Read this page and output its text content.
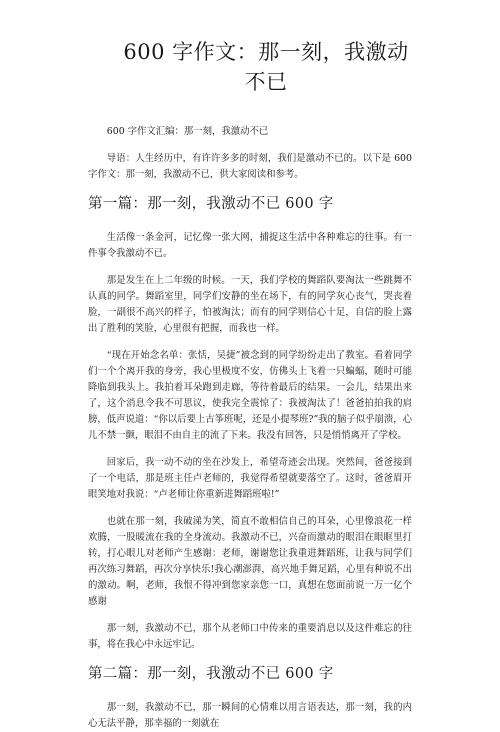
600 字作文：那一刻，我激动不已

600 字作文汇编：那一刻，我激动不已

导语：人生经历中，有许许多多的时刻，我们是激动不已的。以下是 600 字作文：那一刻，我激动不已，供大家阅读和参考。

第一篇：那一刻，我激动不已 600 字

生活像一条金河，记忆像一张大网，捕捉这生活中各种难忘的往事。有一件事令我激动不已。

那是发生在上二年级的时候。一天，我们学校的舞蹈队要淘汰一些跳舞不认真的同学。舞蹈室里，同学们安静的坐在场下，有的同学灰心丧气，哭丧着脸，一副很不高兴的样子，怕被淘汰；而有的同学则信心十足，自信的脸上露出了胜利的笑脸，心里很有把握，而我也一样。

“现在开始念名单：张恬，吴捷”被念到的同学纷纷走出了教室。看着同学们一个个离开我的身旁，我心里极度不安，仿佛头上飞着一只蝙蝠，随时可能降临到我头上。我拍着耳朵跑到走廊，等待着最后的结果。一会儿，结果出来了，这个消息令我不可思议，使我完全震惊了：我被淘汰了！爸爸拍拍我的肩膀，低声说道：“你以后要上古筝班呢，还是小提琴班?”我的脑子似乎崩溃，心儿不禁一颤，眼泪不由自主的流了下来。我没有回答，只是悄悄离开了学校。

回家后，我一动不动的坐在沙发上，希望奇迹会出现。突然间，爸爸接到了一个电话，那是班主任卢老师的，我觉得希望就要落空了。这时，爸爸眉开眼笑地对我说：“卢老师让你重新进舞蹈班啦!”

也就在那一刻，我破涕为笑，简直不敢相信自己的耳朵，心里像浪花一样欢腾，一股暖流在我的全身流动。我激动不已，兴奋而激动的眼泪在眼眶里打转，打心眼儿对老师产生感谢：老师，谢谢您让我重进舞蹈班，让我与同学们再次练习舞蹈，再次分享快乐!我心潮澎湃，高兴地手舞足蹈，心里有种说不出的激动。啊，老师，我恨不得冲到您家亲您一口，真想在您面前说一万一亿个感谢

那一刻，我激动不已，那个从老师口中传来的重要消息以及这件难忘的往事，将在我心中永远牢记。

第二篇：那一刻，我激动不已 600 字

那一刻，我激动不已，那一瞬间的心情难以用言语表达，那一刻，我的内心无法平静，那幸福的一刻就在
